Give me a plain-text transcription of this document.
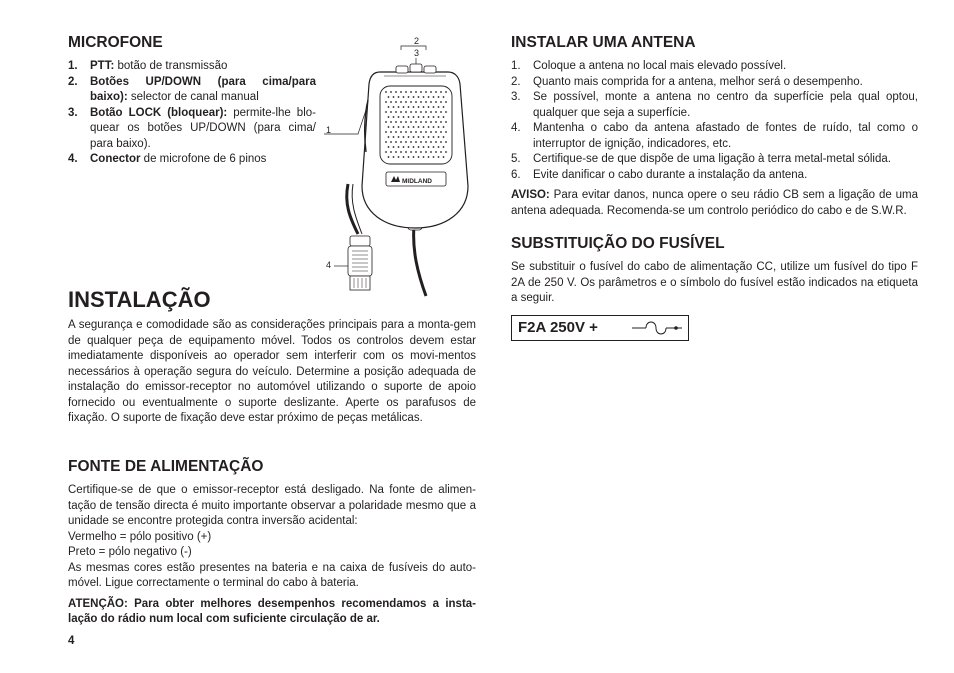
MICROFONE
1. PTT: botão de transmissão
2. Botões UP/DOWN (para cima/para baixo): selector de canal manual
3. Botão LOCK (bloquear): permite-lhe blo-quear os botões UP/DOWN (para cima/ para baixo).
4. Conector de microfone de 6 pinos
2
3
1
4
MIDLAND
INSTALAÇÃO

A segurança e comodidade são as considerações principais para a monta-gem de qualquer peça de equipamento móvel. Todos os controlos devem estar imediatamente disponíveis ao operador sem interferir com os movi-mentos necessários à operação segura do veículo. Determine a posição adequada de instalação do emissor-receptor no automóvel utilizando o suporte de apoio fornecido ou eventualmente o suporte deslizante. Aperte os parafusos de fixação. O suporte de fixação deve estar próximo de peças metálicas.

FONTE DE ALIMENTAÇÃO

Certifique-se de que o emissor-receptor está desligado. Na fonte de alimen-tação de tensão directa é muito importante observar a polaridade mesmo que a unidade se encontre protegida contra inversão acidental:

Vermelho = pólo positivo (+)

Preto = pólo negativo (-)

As mesmas cores estão presentes na bateria e na caixa de fusíveis do auto-móvel. Ligue correctamente o terminal do cabo à bateria.

ATENÇÃO: Para obter melhores desempenhos recomendamos a insta-lação do rádio num local com suficiente circulação de ar.

4
INSTALAR UMA ANTENA
1. Coloque a antena no local mais elevado possível.
2. Quanto mais comprida for a antena, melhor será o desempenho.
3. Se possível, monte a antena no centro da superfície pela qual optou, qualquer que seja a superfície.
4. Mantenha o cabo da antena afastado de fontes de ruído, tal como o interruptor de ignição, indicadores, etc.
5. Certifique-se de que dispõe de uma ligação à terra metal-metal sólida.
6. Evite danificar o cabo durante a instalação da antena.

AVISO: Para evitar danos, nunca opere o seu rádio CB sem a ligação de uma antena adequada. Recomenda-se um controlo periódico do cabo e de S.W.R.

SUBSTITUIÇÃO DO FUSÍVEL

Se substituir o fusível do cabo de alimentação CC, utilize um fusível do tipo F 2A de 250 V. Os parâmetros e o símbolo do fusível estão indicados na etiqueta a seguir.

F2A 250V +
